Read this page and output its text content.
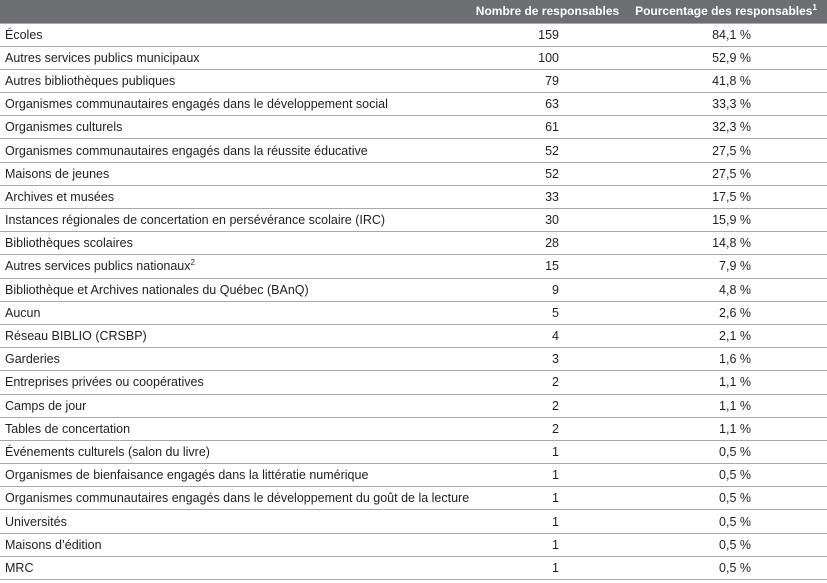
	Nombre de responsables	Pourcentage des responsables$^1$
Écoles	159	84,1 %
Autres services publics municipaux	100	52,9 %
Autres bibliothèques publiques	79	41,8 %
Organismes communautaires engagés dans le développement social	63	33,3 %
Organismes culturels	61	32,3 %
Organismes communautaires engagés dans la réussite éducative	52	27,5 %
Maisons de jeunes	52	27,5 %
Archives et musées	33	17,5 %
Instances régionales de concertation en persévérance scolaire (IRC)	30	15,9 %
Bibliothèques scolaires	28	14,8 %
Autres services publics nationaux$^2$	15	7,9 %
Bibliothèque et Archives nationales du Québec (BAnQ)	9	4,8 %
Aucun	5	2,6 %
Réseau BIBLIO (CRSBP)	4	2,1 %
Garderies	3	1,6 %
Entreprises privées ou coopératives	2	1,1 %
Camps de jour	2	1,1 %
Tables de concertation	2	1,1 %
Événements culturels (salon du livre)	1	0,5 %
Organismes de bienfaisance engagés dans la littératie numérique	1	0,5 %
Organismes communautaires engagés dans le développement du goût de la lecture	1	0,5 %
Universités	1	0,5 %
Maisons d’édition	1	0,5 %
MRC	1	0,5 %
